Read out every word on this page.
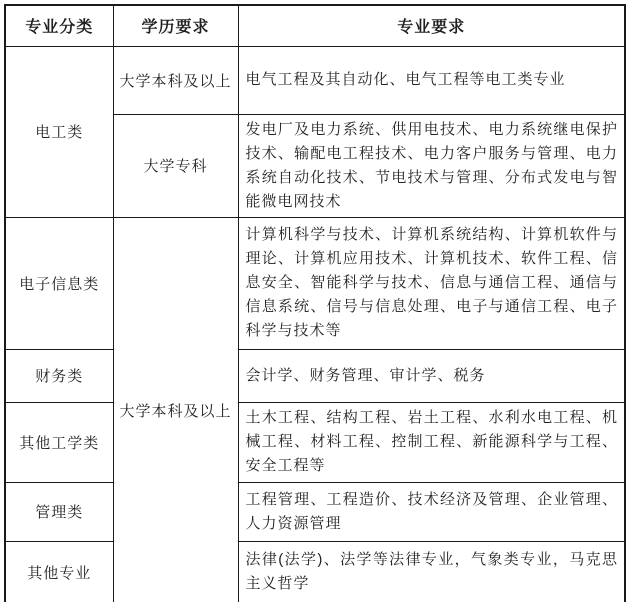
专业分类	学历要求	专业要求
电工类	大学本科及以上	电气工程及其自动化、电气工程等电工类专业
	大学专科	发电厂及电力系统、供用电技术、电力系统继电保护技术、输配电工程技术、电力客户服务与管理、电力系统自动化技术、节电技术与管理、分布式发电与智能微电网技术
电子信息类	大学本科及以上	计算机科学与技术、计算机系统结构、计算机软件与理论、计算机应用技术、计算机技术、软件工程、信息安全、智能科学与技术、信息与通信工程、通信与信息系统、信号与信息处理、电子与通信工程、电子科学与技术等
财务类		会计学、财务管理、审计学、税务
其他工学类		土木工程、结构工程、岩土工程、水利水电工程、机械工程、材料工程、控制工程、新能源科学与工程、安全工程等
管理类		工程管理、工程造价、技术经济及管理、企业管理、人力资源管理
其他专业		法律(法学)、法学等法律专业，气象类专业，马克思主义哲学
